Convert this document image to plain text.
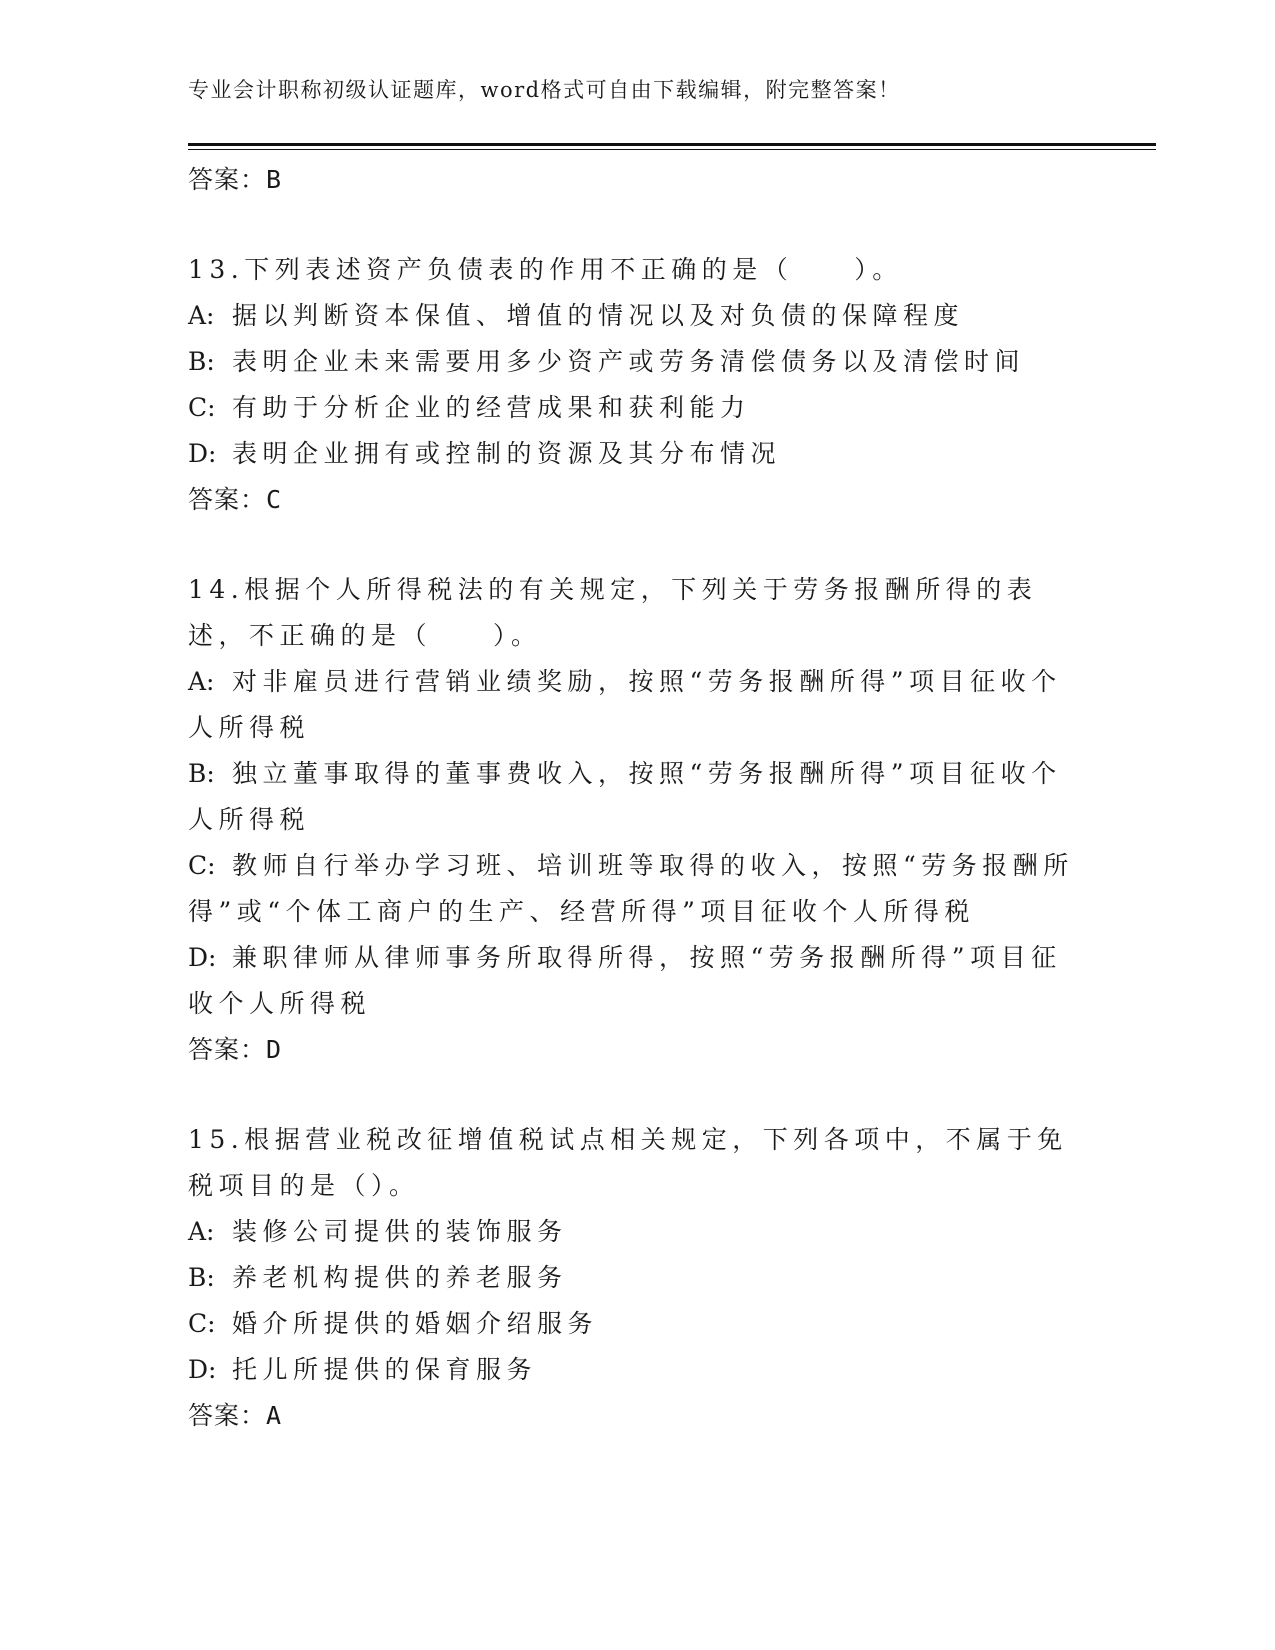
专业会计职称初级认证题库，word格式可自由下载编辑，附完整答案！
答案：B
13.下列表述资产负债表的作用不正确的是（　　）。
A: 据以判断资本保值、增值的情况以及对负债的保障程度
B: 表明企业未来需要用多少资产或劳务清偿债务以及清偿时间
C: 有助于分析企业的经营成果和获利能力
D: 表明企业拥有或控制的资源及其分布情况
答案：C
14.根据个人所得税法的有关规定，下列关于劳务报酬所得的表述，不正确的是（　　）。
A: 对非雇员进行营销业绩奖励，按照“劳务报酬所得”项目征收个人所得税
B: 独立董事取得的董事费收入，按照“劳务报酬所得”项目征收个人所得税
C: 教师自行举办学习班、培训班等取得的收入，按照“劳务报酬所得”或“个体工商户的生产、经营所得”项目征收个人所得税
D: 兼职律师从律师事务所取得所得，按照“劳务报酬所得”项目征收个人所得税
答案：D
15.根据营业税改征增值税试点相关规定，下列各项中，不属于免税项目的是（）。
A: 装修公司提供的装饰服务
B: 养老机构提供的养老服务
C: 婚介所提供的婚姻介绍服务
D: 托儿所提供的保育服务
答案：A
